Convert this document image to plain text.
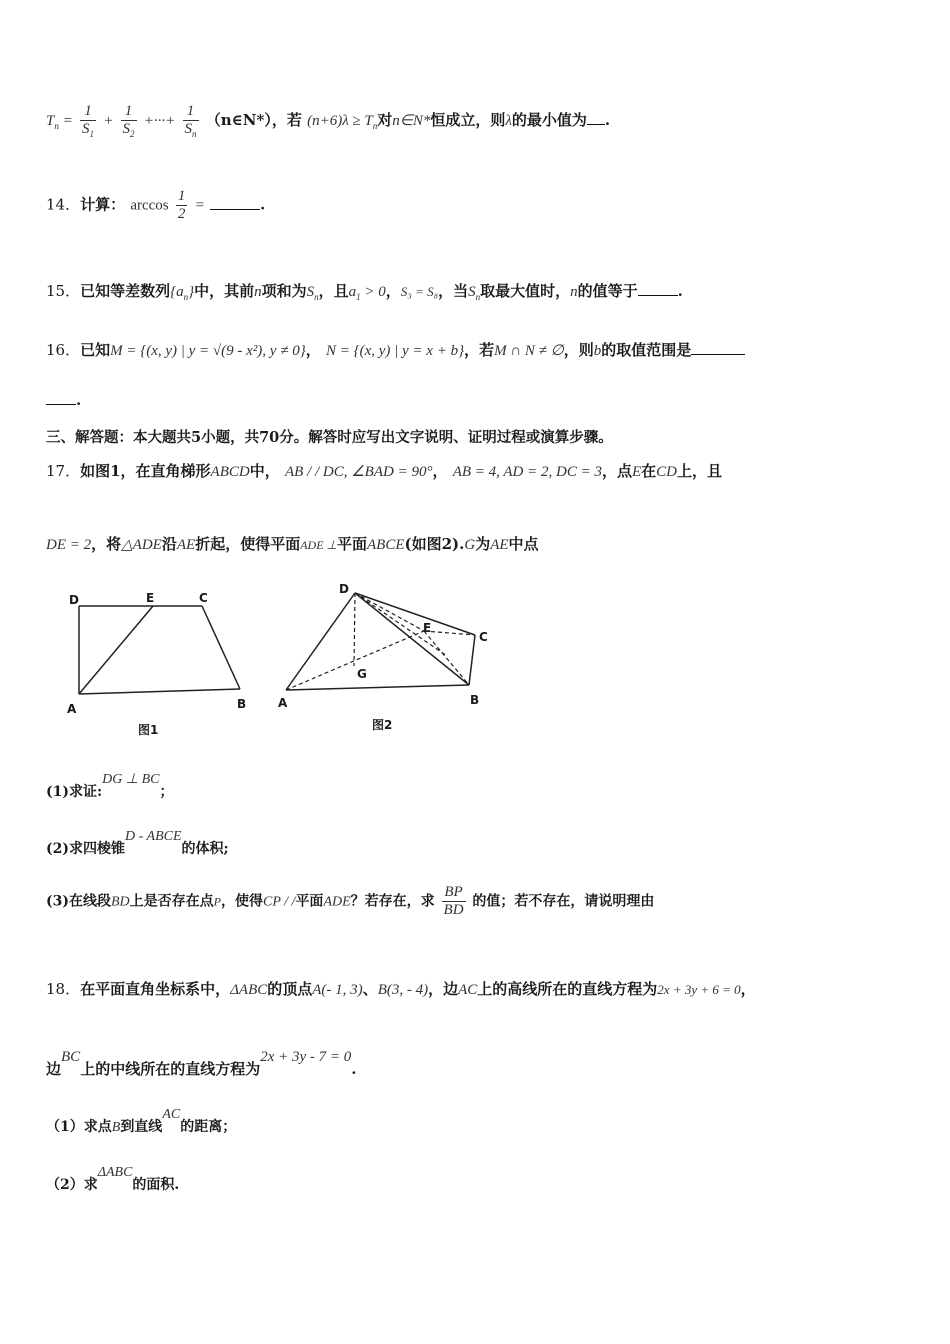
$T_n = \frac{1}{S_1} + \frac{1}{S_2}$ +···+ $\frac{1}{S_n}$ （n∈N*），若 $(n+6)\lambda \ge T_n$对n∈N*恒成立，则λ的最小值为 .
14．计算： $\arccos \frac{1}{2}$ =	.
15．已知等差数列$\{a_n\}$中，其前n项和为$S_n$，且$a_1 > 0$，S₃ = S₈，当$S_n$取最大值时，n的值等于	.
16．已知M = {(x, y) | y = √(9 - x²), y ≠ 0}， N = {(x, y) | y = x + b}，若M ∩ N ≠ ∅，则b的取值范围是
.
三、解答题：本大题共5小题，共70分。解答时应写出文字说明、证明过程或演算步骤。
17．如图1，在直角梯形ABCD中， AB / / DC, ∠BAD = 90°， AB = 4, AD = 2, DC = 3，点E在CD上，且
DE = 2，将△ADE沿AE折起，使得平面ADE ⊥平面ABCE(如图2).G为AE中点
D	E	C
A	B
图1
D
E
C
G
A	B
图2
(1)求证:DG ⊥ BC；
(2)求四棱锥D - ABCE的体积;
(3)在线段BD上是否存在点P，使得CP / /平面ADE？若存在，求 $\frac{BP}{BD}$ 的值；若不存在，请说明理由
18．在平面直角坐标系中，ΔABC的顶点A(- 1, 3)、B(3, - 4)，边AC上的高线所在的直线方程为2x + 3y + 6 = 0，
边BC上的中线所在的直线方程为2x + 3y - 7 = 0.
（1）求点B到直线AC的距离；
（2）求ΔABC的面积.
